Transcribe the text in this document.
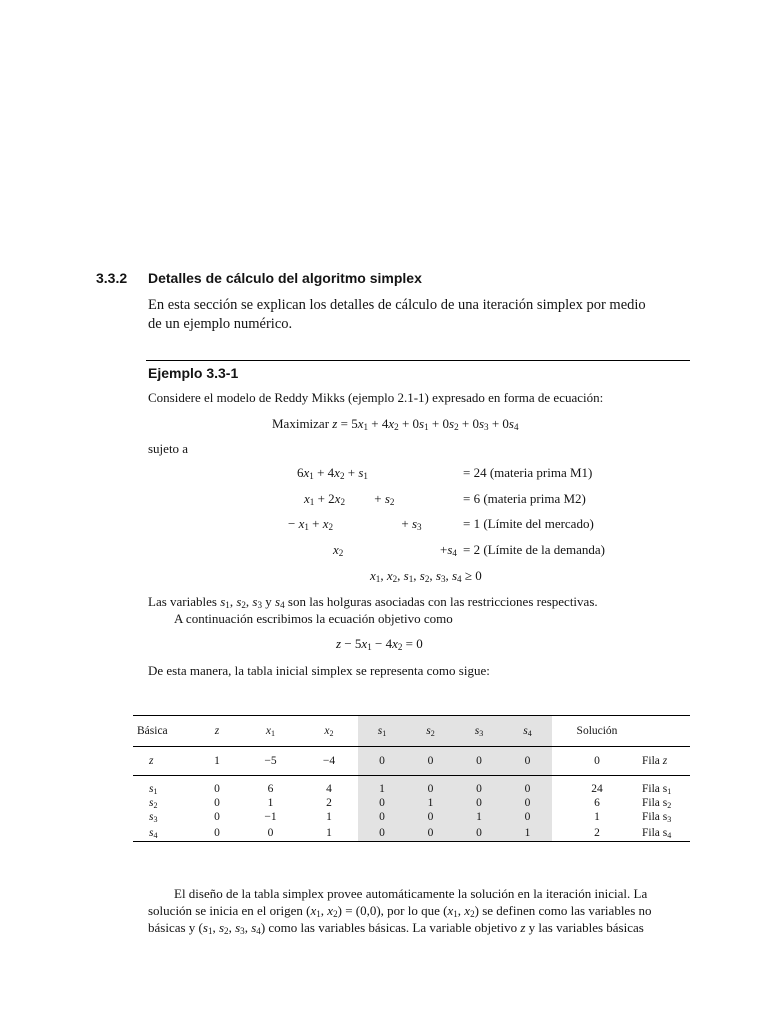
3.3.2 Detalles de cálculo del algoritmo simplex
En esta sección se explican los detalles de cálculo de una iteración simplex por medio
de un ejemplo numérico.
Ejemplo 3.3-1
Considere el modelo de Reddy Mikks (ejemplo 2.1-1) expresado en forma de ecuación:
Maximizar $z = 5x_1 + 4x_2 + 0s_1 + 0s_2 + 0s_3 + 0s_4$
sujeto a
$6x_1 + 4x_2 + s_1$	= 24 (materia prima M1)
$x_1 + 2x_2$         + $s_2$	= 6 (materia prima M2)
− $x_1 + x_2$                     + $s_3$	= 1 (Límite del mercado)
$x_2$	$+s_4 = 2$ (Límite de la demanda)
$x_1$, $x_2$, $s_1$, $s_2$, $s_3$, $s_4 \ge 0$
Las variables $s_1$, $s_2$, $s_3$ y $s_4$ son las holguras asociadas con las restricciones respectivas.
A continuación escribimos la ecuación objetivo como
$z - 5x_1 - 4x_2 = 0$
De esta manera, la tabla inicial simplex se representa como sigue:
Básica	z	$x_1$	$x_2$	$s_1$	$s_2$	$s_3$	$s_4$	Solución	
z	1	−5	−4	0	0	0	0	0	Fila z

$s_1$	0	6	4	1	0	0	0	24	Fila $s_1$
$s_2$	0	1	2	0	1	0	0	6	Fila $s_2$
$s_3$	0	−1	1	0	0	1	0	1	Fila $s_3$
$s_4$	0	0	1	0	0	0	1	2	Fila $s_4$
El diseño de la tabla simplex provee automáticamente la solución en la iteración inicial. La
solución se inicia en el origen ($x_1$, $x_2) = (0,0)$, por lo que ($x_1$, $x_2$) se definen como las variables no
básicas y ($s_1$, $s_2$, $s_3$, $s_4$) como las variables básicas. La variable objetivo z y las variables básicas
